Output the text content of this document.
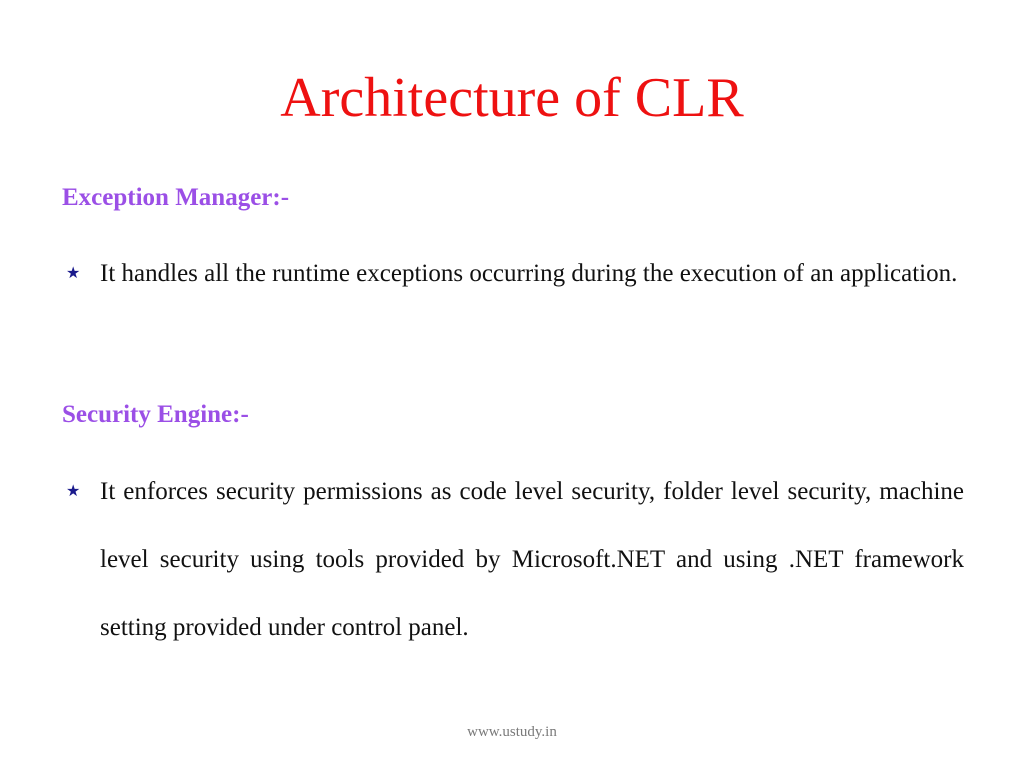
Architecture of CLR
Exception Manager:-
★ It handles all the runtime exceptions occurring during the execution of an application.
Security Engine:-
★ It enforces security permissions as code level security, folder level security, machine level security using tools provided by Microsoft.NET and using .NET framework setting provided under control panel.
www.ustudy.in
